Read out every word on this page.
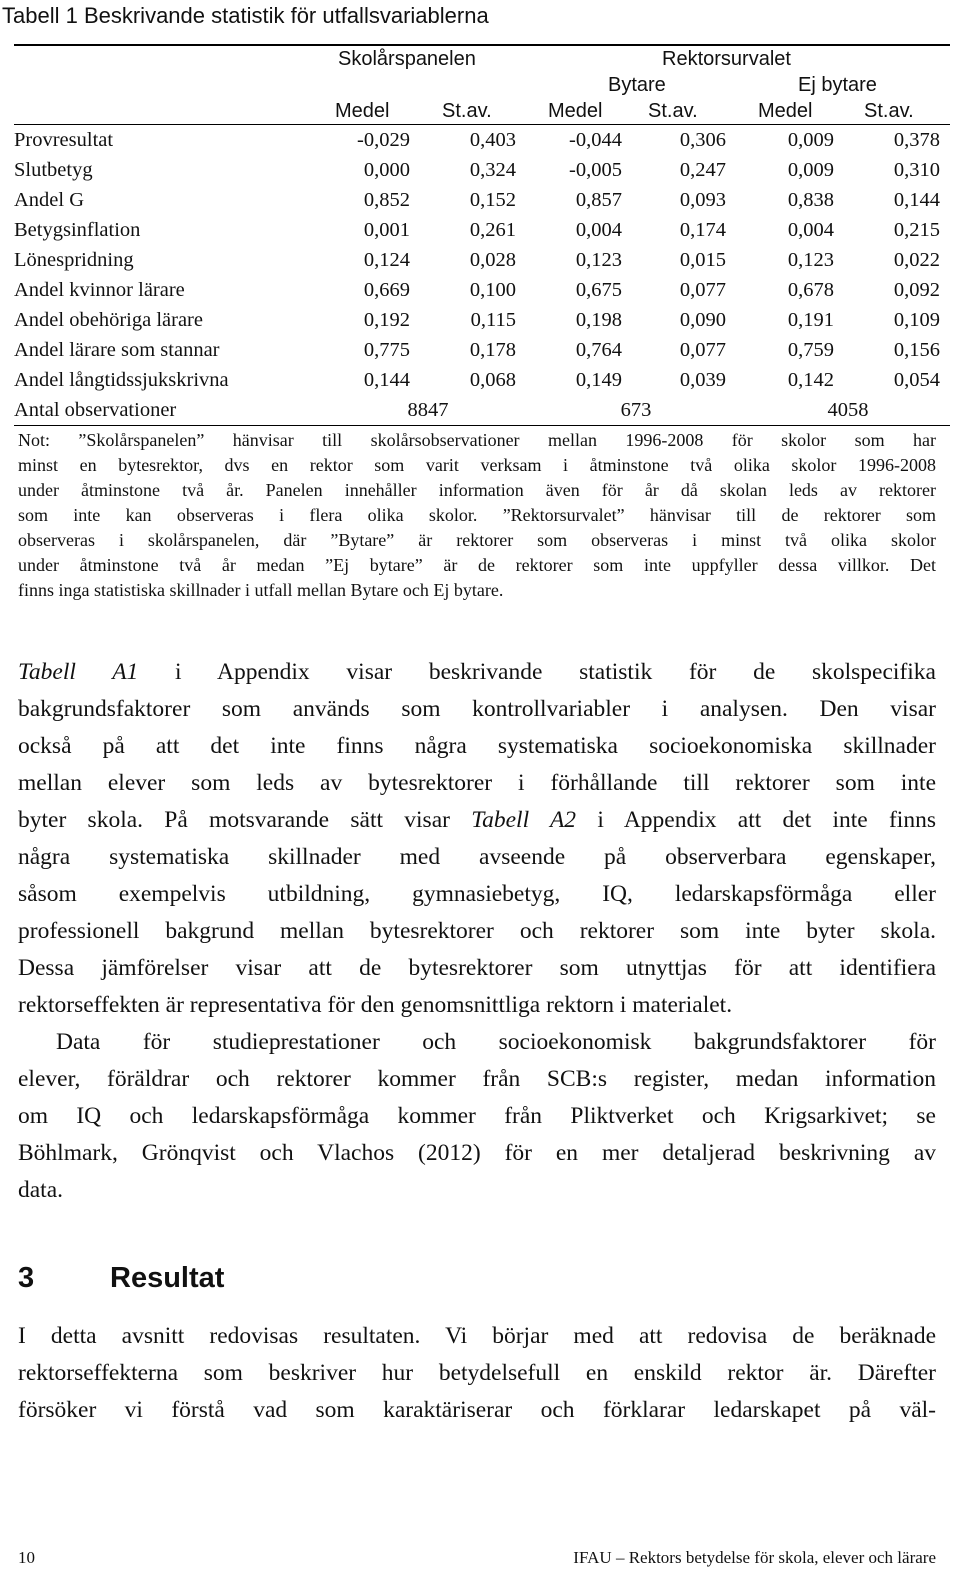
Tabell 1 Beskrivande statistik för utfallsvariablerna
Skolårspanelen	Rektorsurvalet
Bytare	Ej bytare
Medel	St.av.	Medel St.av.	Medel	St.av.
Provresultat	-0,029	0,403	-0,044	0,306	0,009	0,378
Slutbetyg	0,000	0,324	-0,005	0,247	0,009	0,310
Andel G	0,852	0,152	0,857	0,093	0,838	0,144
Betygsinflation	0,001	0,261	0,004	0,174	0,004	0,215
Lönespridning	0,124	0,028	0,123	0,015	0,123	0,022
Andel kvinnor lärare	0,669	0,100	0,675	0,077	0,678	0,092
Andel obehöriga lärare	0,192	0,115	0,198	0,090	0,191	0,109
Andel lärare som stannar	0,775	0,178	0,764	0,077	0,759	0,156
Andel långtidssjukskrivna	0,144	0,068	0,149	0,039	0,142	0,054
Antal observationer	8847		673		4058	
Not: ”Skolårspanelen” hänvisar till skolårsobservationer mellan 1996-2008 för skolor som har
minst en bytesrektor, dvs en rektor som varit verksam i åtminstone två olika skolor 1996-2008
under åtminstone två år. Panelen innehåller information även för år då skolan leds av rektorer
som inte kan observeras i flera olika skolor. ”Rektorsurvalet” hänvisar till de rektorer som
observeras i skolårspanelen, där ”Bytare” är rektorer som observeras i minst två olika skolor
under åtminstone två år medan ”Ej bytare” är de rektorer som inte uppfyller dessa villkor. Det
finns inga statistiska skillnader i utfall mellan Bytare och Ej bytare.
Tabell A1 i Appendix visar beskrivande statistik för de skolspecifika
bakgrundsfaktorer som används som kontrollvariabler i analysen. Den visar
också på att det inte finns några systematiska socioekonomiska skillnader
mellan elever som leds av bytesrektorer i förhållande till rektorer som inte
byter skola. På motsvarande sätt visar Tabell A2 i Appendix att det inte finns
några systematiska skillnader med avseende på observerbara egenskaper,
såsom exempelvis utbildning, gymnasiebetyg, IQ, ledarskapsförmåga eller
professionell bakgrund mellan bytesrektorer och rektorer som inte byter skola.
Dessa jämförelser visar att de bytesrektorer som utnyttjas för att identifiera
rektorseffekten är representativa för den genomsnittliga rektorn i materialet.
Data för studieprestationer och socioekonomisk bakgrundsfaktorer för
elever, föräldrar och rektorer kommer från SCB:s register, medan information
om IQ och ledarskapsförmåga kommer från Pliktverket och Krigsarkivet; se
Böhlmark, Grönqvist och Vlachos (2012) för en mer detaljerad beskrivning av
data.
3	Resultat
I detta avsnitt redovisas resultaten. Vi börjar med att redovisa de beräknade
rektorseffekterna som beskriver hur betydelsefull en enskild rektor är. Därefter
försöker vi förstå vad som karaktäriserar och förklarar ledarskapet på väl-
10	IFAU – Rektors betydelse för skola, elever och lärare
